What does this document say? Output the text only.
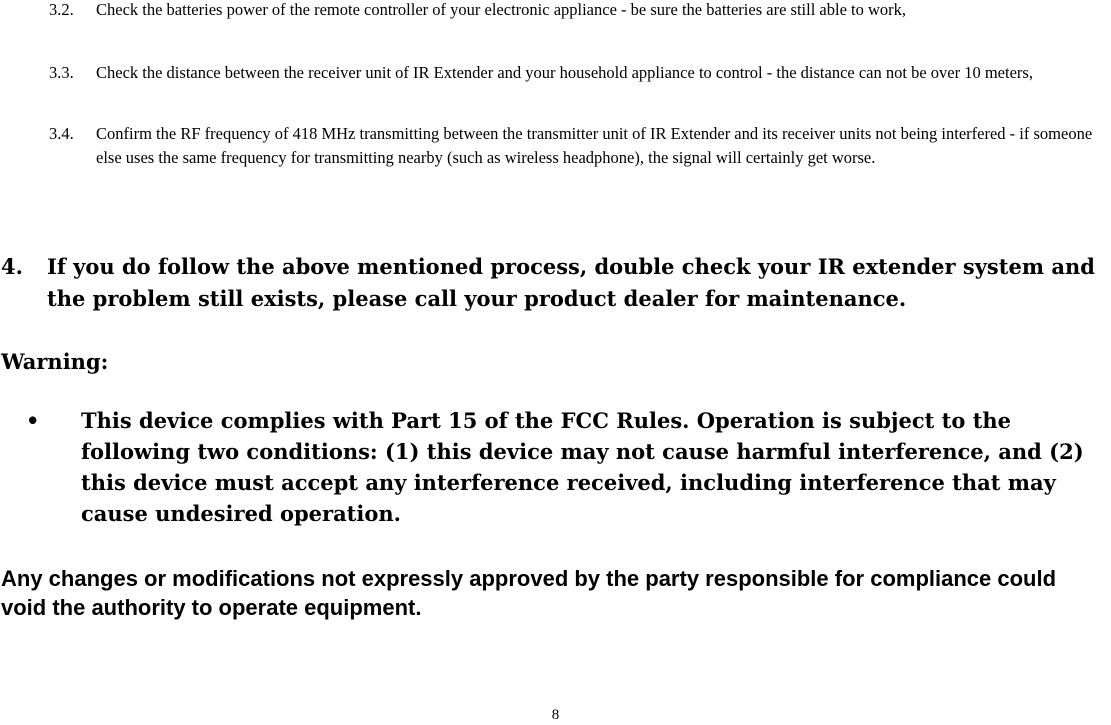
3.2.	Check the batteries power of the remote controller of your electronic appliance - be sure the batteries are still able to work,
3.3.	Check the distance between the receiver unit of IR Extender and your household appliance to control - the distance can not be over 10 meters,
3.4.	Confirm the RF frequency of 418 MHz transmitting between the transmitter unit of IR Extender and its receiver units not being interfered - if someone else uses the same frequency for transmitting nearby (such as wireless headphone), the signal will certainly get worse.
4.	If you do follow the above mentioned process, double check your IR extender system and the problem still exists, please call your product dealer for maintenance.
Warning:
•	This device complies with Part 15 of the FCC Rules. Operation is subject to the following two conditions: (1) this device may not cause harmful interference, and (2) this device must accept any interference received, including interference that may cause undesired operation.
Any changes or modifications not expressly approved by the party responsible for compliance could void the authority to operate equipment.
8
